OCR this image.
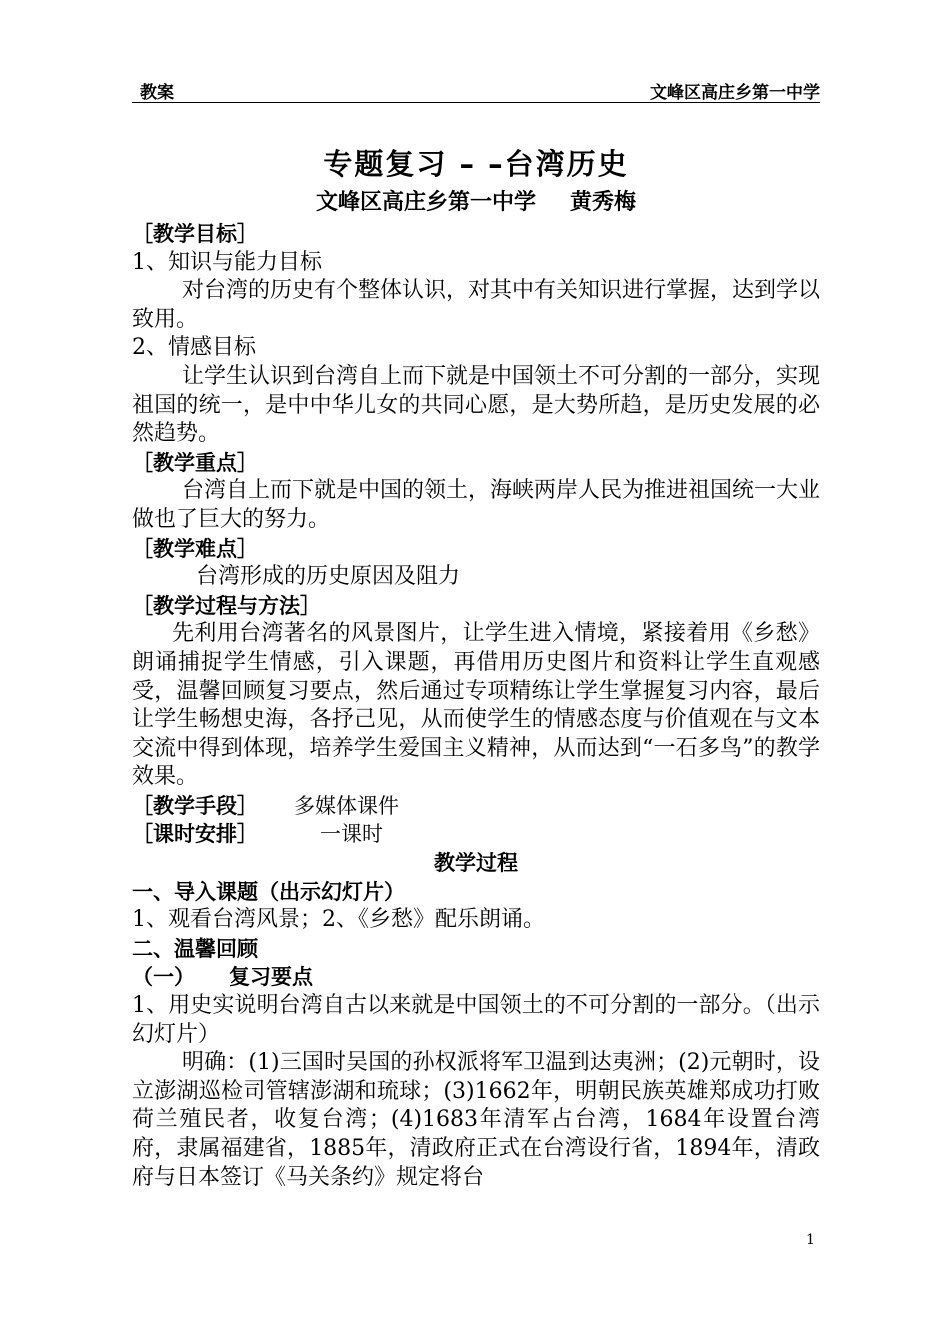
教案	文峰区高庄乡第一中学
专题复习 – –台湾历史
文峰区高庄乡第一中学 黄秀梅
［教学目标］
1、知识与能力目标
对台湾的历史有个整体认识，对其中有关知识进行掌握，达到学以致用。
2、情感目标
让学生认识到台湾自上而下就是中国领土不可分割的一部分，实现祖国的统一，是中中华儿女的共同心愿，是大势所趋，是历史发展的必然趋势。
［教学重点］
台湾自上而下就是中国的领土，海峡两岸人民为推进祖国统一大业做也了巨大的努力。
［教学难点］
台湾形成的历史原因及阻力
［教学过程与方法］
先利用台湾著名的风景图片，让学生进入情境，紧接着用《乡愁》朗诵捕捉学生情感，引入课题，再借用历史图片和资料让学生直观感受，温馨回顾复习要点，然后通过专项精练让学生掌握复习内容，最后让学生畅想史海，各抒己见，从而使学生的情感态度与价值观在与文本交流中得到体现，培养学生爱国主义精神，从而达到“一石多鸟”的教学效果。
［教学手段］ 多媒体课件
［课时安排］	一课时
教学过程
一、导入课题（出示幻灯片）
1、观看台湾风景；2、《乡愁》配乐朗诵。
二、温馨回顾
（一） 复习要点
1、用史实说明台湾自古以来就是中国领土的不可分割的一部分。（出示幻灯片）
明确：(1)三国时吴国的孙权派将军卫温到达夷洲；(2)元朝时，设立澎湖巡检司管辖澎湖和琉球；(3)1662年，明朝民族英雄郑成功打败荷兰殖民者，收复台湾；(4)1683年清军占台湾，1684年设置台湾府，隶属福建省，1885年，清政府正式在台湾设行省，1894年，清政府与日本签订《马关条约》规定将台
1
